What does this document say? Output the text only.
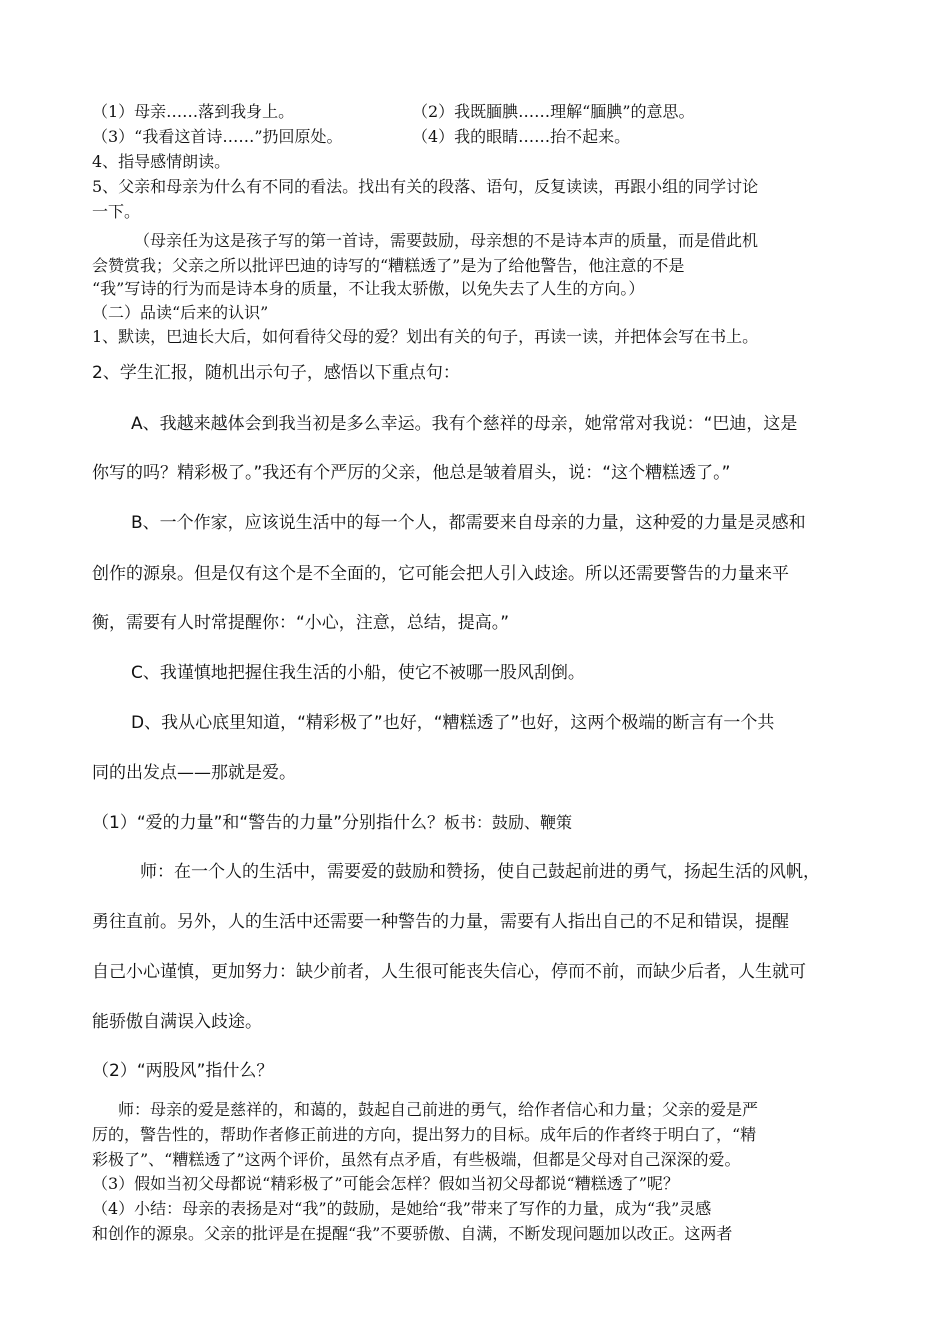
（1）母亲……落到我身上。	（2）我既腼腆……理解“腼腆”的意思。
（3）“我看这首诗……”扔回原处。	（4）我的眼睛……抬不起来。
4、指导感情朗读。
5、父亲和母亲为什么有不同的看法。找出有关的段落、语句，反复读读，再跟小组的同学讨论
一下。
（母亲任为这是孩子写的第一首诗，需要鼓励，母亲想的不是诗本声的质量，而是借此机
会赞赏我；父亲之所以批评巴迪的诗写的“糟糕透了”是为了给他警告，他注意的不是
“我”写诗的行为而是诗本身的质量，不让我太骄傲，以免失去了人生的方向。）
（二）品读“后来的认识”
1、默读，巴迪长大后，如何看待父母的爱？划出有关的句子，再读一读，并把体会写在书上。
2、学生汇报，随机出示句子，感悟以下重点句：
A、我越来越体会到我当初是多么幸运。我有个慈祥的母亲，她常常对我说：“巴迪，这是
你写的吗？精彩极了。”我还有个严厉的父亲，他总是皱着眉头，说：“这个糟糕透了。”
B、一个作家，应该说生活中的每一个人，都需要来自母亲的力量，这种爱的力量是灵感和
创作的源泉。但是仅有这个是不全面的，它可能会把人引入歧途。所以还需要警告的力量来平
衡，需要有人时常提醒你：“小心，注意，总结，提高。”
C、我谨慎地把握住我生活的小船，使它不被哪一股风刮倒。
D、我从心底里知道，“精彩极了”也好，“糟糕透了”也好，这两个极端的断言有一个共
同的出发点——那就是爱。
（1）“爱的力量”和“警告的力量”分别指什么？板书：鼓励、鞭策
师：在一个人的生活中，需要爱的鼓励和赞扬，使自己鼓起前进的勇气，扬起生活的风帆，
勇往直前。另外，人的生活中还需要一种警告的力量，需要有人指出自己的不足和错误，提醒
自己小心谨慎，更加努力：缺少前者，人生很可能丧失信心，停而不前，而缺少后者，人生就可
能骄傲自满误入歧途。
（2）“两股风”指什么？
师：母亲的爱是慈祥的，和蔼的，鼓起自己前进的勇气，给作者信心和力量；父亲的爱是严
厉的，警告性的，帮助作者修正前进的方向，提出努力的目标。成年后的作者终于明白了，“精
彩极了”、“糟糕透了”这两个评价，虽然有点矛盾，有些极端，但都是父母对自己深深的爱。
（3）假如当初父母都说“精彩极了”可能会怎样？假如当初父母都说“糟糕透了”呢？
（4）小结：母亲的表扬是对“我”的鼓励，是她给“我”带来了写作的力量，成为“我”灵感
和创作的源泉。父亲的批评是在提醒“我”不要骄傲、自满，不断发现问题加以改正。这两者
